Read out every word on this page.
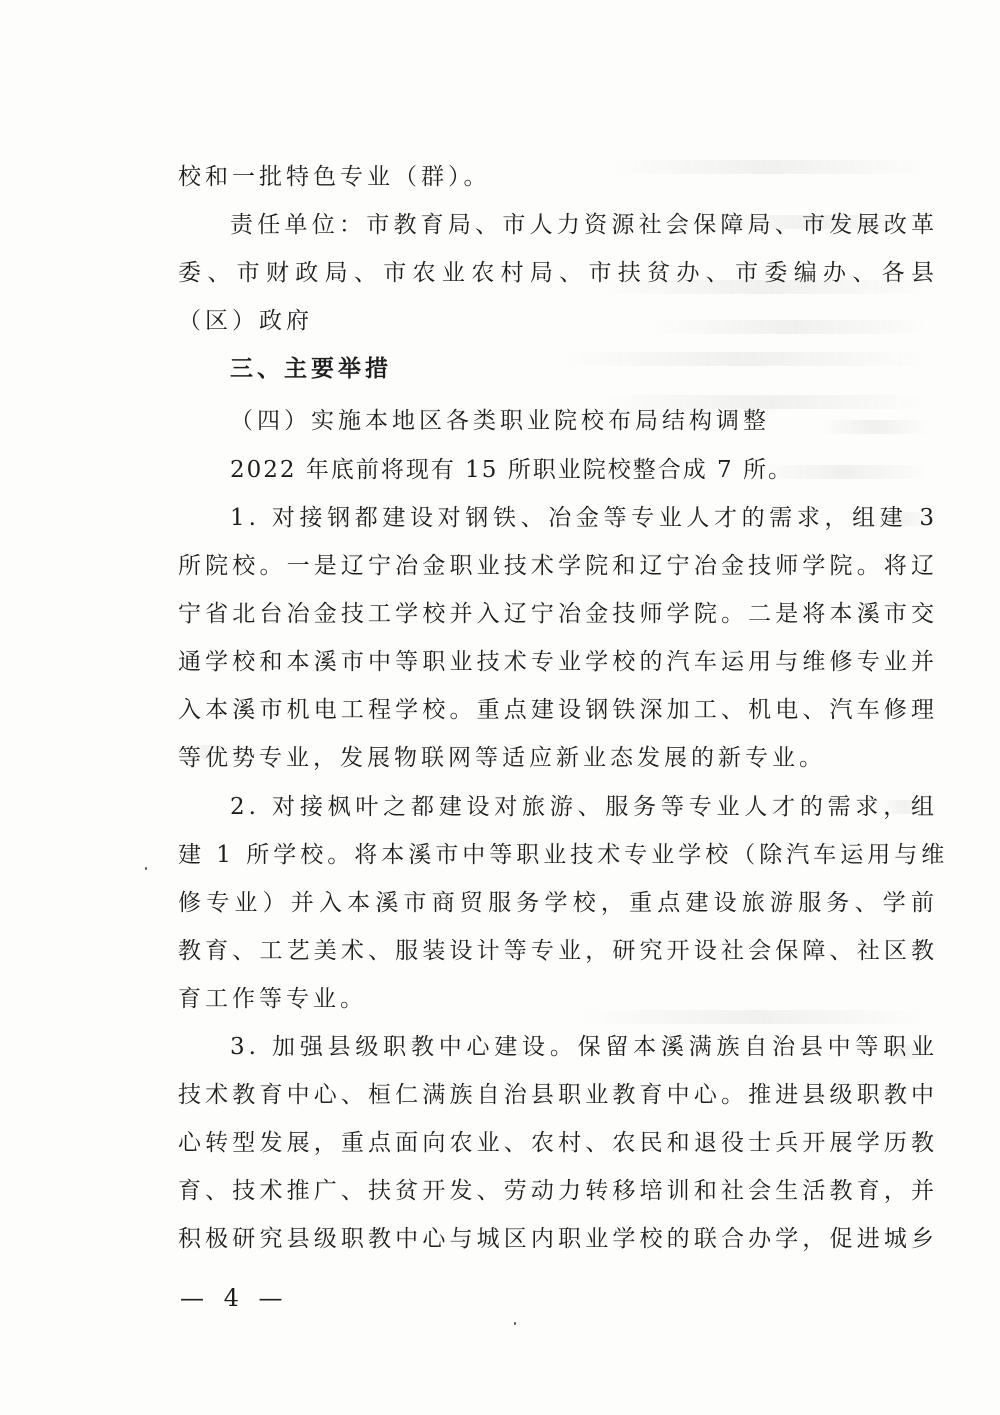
校和一批特色专业（群）。
责任单位：市教育局、市人力资源社会保障局、市发展改革
委、市财政局、市农业农村局、市扶贫办、市委编办、各县
（区）政府
三、主要举措
（四）实施本地区各类职业院校布局结构调整
2022 年底前将现有 15 所职业院校整合成 7 所。
1. 对接钢都建设对钢铁、冶金等专业人才的需求，组建 3
所院校。一是辽宁冶金职业技术学院和辽宁冶金技师学院。将辽
宁省北台冶金技工学校并入辽宁冶金技师学院。二是将本溪市交
通学校和本溪市中等职业技术专业学校的汽车运用与维修专业并
入本溪市机电工程学校。重点建设钢铁深加工、机电、汽车修理
等优势专业，发展物联网等适应新业态发展的新专业。
2. 对接枫叶之都建设对旅游、服务等专业人才的需求，组
建 1 所学校。将本溪市中等职业技术专业学校（除汽车运用与维
修专业）并入本溪市商贸服务学校，重点建设旅游服务、学前
教育、工艺美术、服装设计等专业，研究开设社会保障、社区教
育工作等专业。
3. 加强县级职教中心建设。保留本溪满族自治县中等职业
技术教育中心、桓仁满族自治县职业教育中心。推进县级职教中
心转型发展，重点面向农业、农村、农民和退役士兵开展学历教
育、技术推广、扶贫开发、劳动力转移培训和社会生活教育，并
积极研究县级职教中心与城区内职业学校的联合办学，促进城乡
— 4 —
